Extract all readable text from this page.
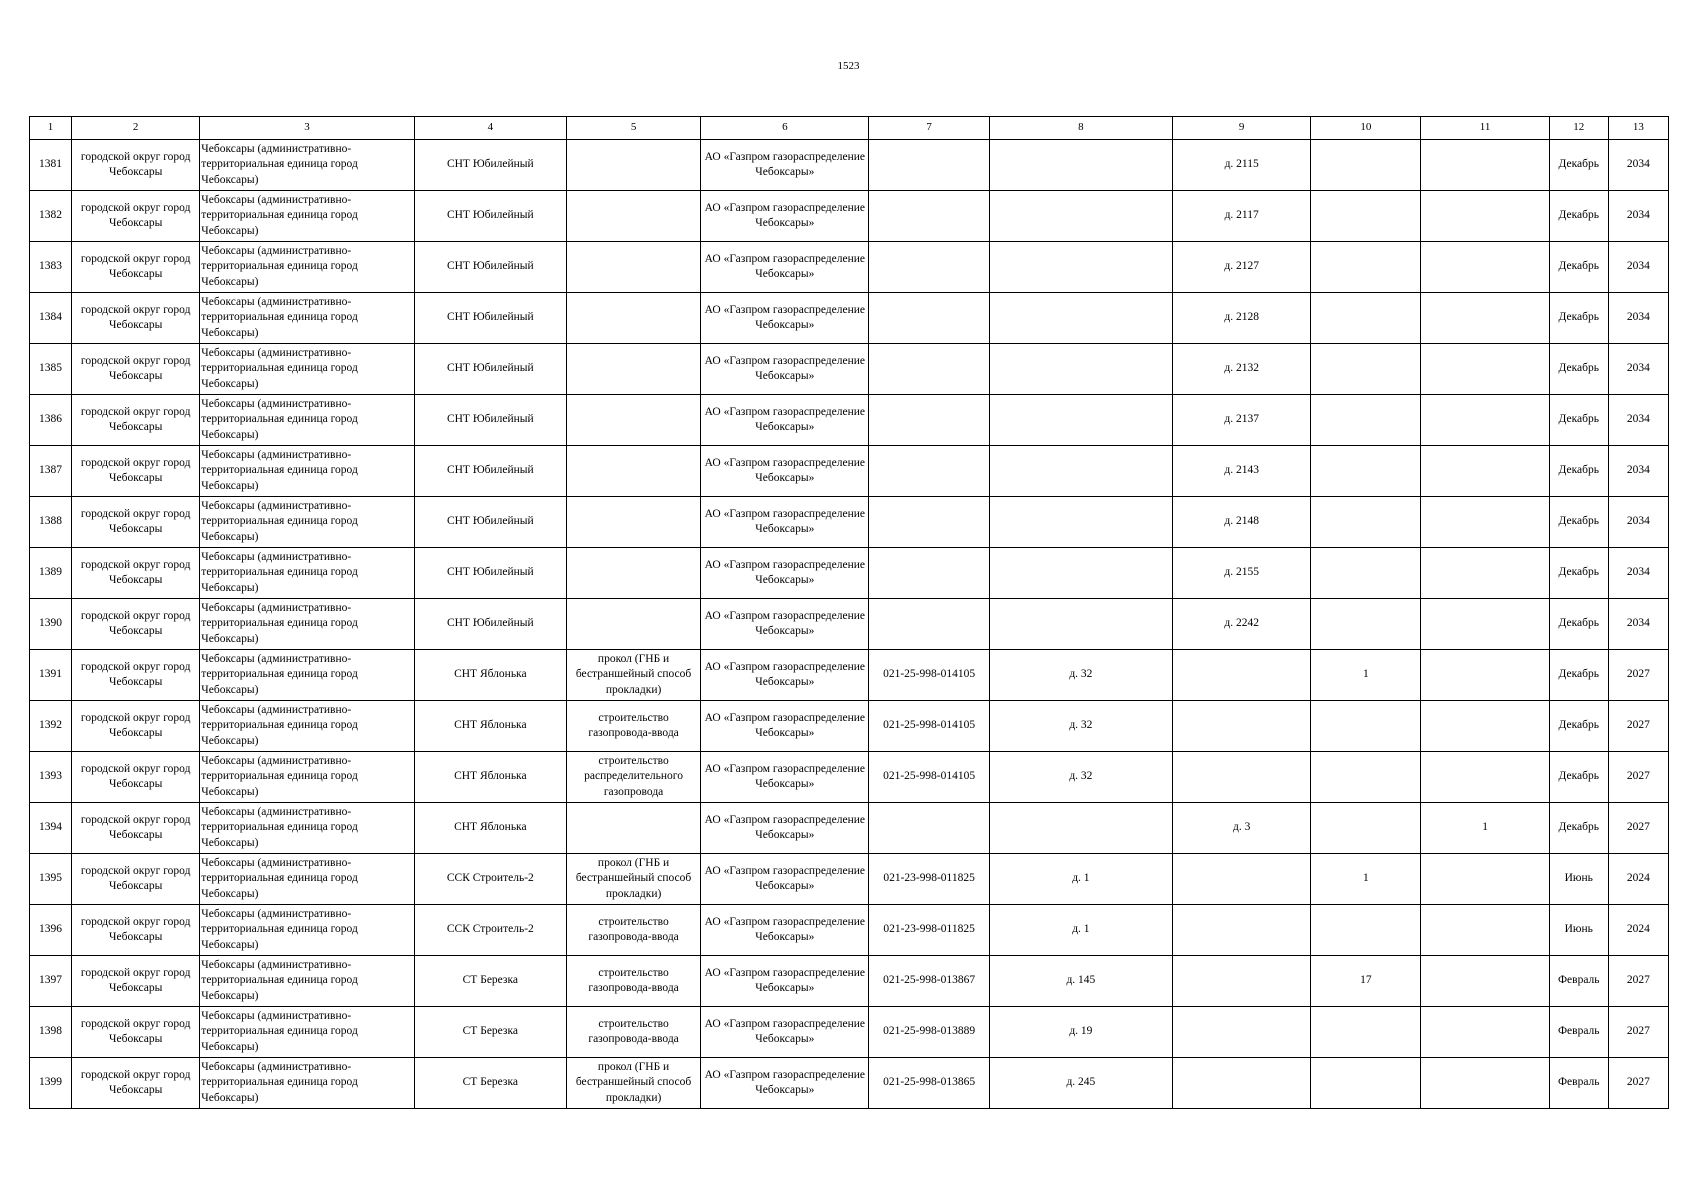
1523
1	2	3	4	5	6	7	8	9	10	11	12	13
1381	городской округ город Чебоксары	Чебоксары (административно-территориальная единица город Чебоксары)	СНТ Юбилейный		АО «Газпром газораспределение Чебоксары»			д. 2115			Декабрь	2034
1382	городской округ город Чебоксары	Чебоксары (административно-территориальная единица город Чебоксары)	СНТ Юбилейный		АО «Газпром газораспределение Чебоксары»			д. 2117			Декабрь	2034
1383	городской округ город Чебоксары	Чебоксары (административно-территориальная единица город Чебоксары)	СНТ Юбилейный		АО «Газпром газораспределение Чебоксары»			д. 2127			Декабрь	2034
1384	городской округ город Чебоксары	Чебоксары (административно-территориальная единица город Чебоксары)	СНТ Юбилейный		АО «Газпром газораспределение Чебоксары»			д. 2128			Декабрь	2034
1385	городской округ город Чебоксары	Чебоксары (административно-территориальная единица город Чебоксары)	СНТ Юбилейный		АО «Газпром газораспределение Чебоксары»			д. 2132			Декабрь	2034
1386	городской округ город Чебоксары	Чебоксары (административно-территориальная единица город Чебоксары)	СНТ Юбилейный		АО «Газпром газораспределение Чебоксары»			д. 2137			Декабрь	2034
1387	городской округ город Чебоксары	Чебоксары (административно-территориальная единица город Чебоксары)	СНТ Юбилейный		АО «Газпром газораспределение Чебоксары»			д. 2143			Декабрь	2034
1388	городской округ город Чебоксары	Чебоксары (административно-территориальная единица город Чебоксары)	СНТ Юбилейный		АО «Газпром газораспределение Чебоксары»			д. 2148			Декабрь	2034
1389	городской округ город Чебоксары	Чебоксары (административно-территориальная единица город Чебоксары)	СНТ Юбилейный		АО «Газпром газораспределение Чебоксары»			д. 2155			Декабрь	2034
1390	городской округ город Чебоксары	Чебоксары (административно-территориальная единица город Чебоксары)	СНТ Юбилейный		АО «Газпром газораспределение Чебоксары»			д. 2242			Декабрь	2034
1391	городской округ город Чебоксары	Чебоксары (административно-территориальная единица город Чебоксары)	СНТ Яблонька	прокол (ГНБ и бестраншейный способ прокладки)	АО «Газпром газораспределение Чебоксары»	021-25-998-014105	д. 32		1		Декабрь	2027
1392	городской округ город Чебоксары	Чебоксары (административно-территориальная единица город Чебоксары)	СНТ Яблонька	строительство газопровода-ввода	АО «Газпром газораспределение Чебоксары»	021-25-998-014105	д. 32				Декабрь	2027
1393	городской округ город Чебоксары	Чебоксары (административно-территориальная единица город Чебоксары)	СНТ Яблонька	строительство распределительного газопровода	АО «Газпром газораспределение Чебоксары»	021-25-998-014105	д. 32				Декабрь	2027
1394	городской округ город Чебоксары	Чебоксары (административно-территориальная единица город Чебоксары)	СНТ Яблонька		АО «Газпром газораспределение Чебоксары»			д. 3		1	Декабрь	2027
1395	городской округ город Чебоксары	Чебоксары (административно-территориальная единица город Чебоксары)	ССК Строитель-2	прокол (ГНБ и бестраншейный способ прокладки)	АО «Газпром газораспределение Чебоксары»	021-23-998-011825	д. 1		1		Июнь	2024
1396	городской округ город Чебоксары	Чебоксары (административно-территориальная единица город Чебоксары)	ССК Строитель-2	строительство газопровода-ввода	АО «Газпром газораспределение Чебоксары»	021-23-998-011825	д. 1				Июнь	2024
1397	городской округ город Чебоксары	Чебоксары (административно-территориальная единица город Чебоксары)	СТ Березка	строительство газопровода-ввода	АО «Газпром газораспределение Чебоксары»	021-25-998-013867	д. 145		17		Февраль	2027
1398	городской округ город Чебоксары	Чебоксары (административно-территориальная единица город Чебоксары)	СТ Березка	строительство газопровода-ввода	АО «Газпром газораспределение Чебоксары»	021-25-998-013889	д. 19				Февраль	2027
1399	городской округ город Чебоксары	Чебоксары (административно-территориальная единица город Чебоксары)	СТ Березка	прокол (ГНБ и бестраншейный способ прокладки)	АО «Газпром газораспределение Чебоксары»	021-25-998-013865	д. 245				Февраль	2027
